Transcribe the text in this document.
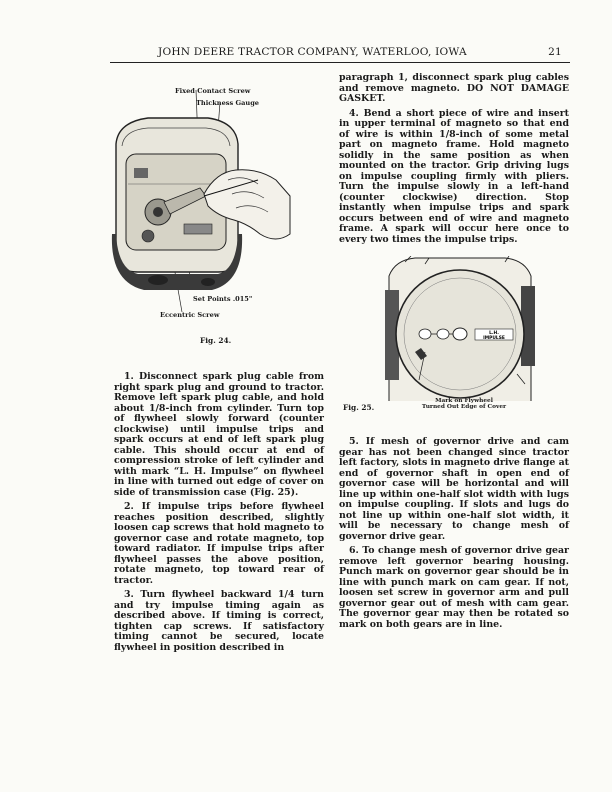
JOHN DEERE TRACTOR COMPANY, WATERLOO, IOWA	21
Fixed Contact Screw
Thickness Gauge
Set Points .015"
Eccentric Screw
Fig. 24.

1. Disconnect spark plug cable from right spark plug and ground to tractor. Remove left spark plug cable, and hold about 1/8-inch from cylinder. Turn top of flywheel slowly forward (counter clockwise) until impulse trips and spark occurs at end of left spark plug cable. This should occur at end of compression stroke of left cylinder and with mark “L. H. Impulse” on flywheel in line with turned out edge of cover on side of transmission case (Fig. 25).

2. If impulse trips before flywheel reaches position described, slightly loosen cap screws that hold magneto to governor case and rotate magneto, top toward radiator. If impulse trips after flywheel passes the above position, rotate magneto, top toward rear of tractor.

3. Turn flywheel backward 1/4 turn and try impulse timing again as described above. If timing is correct, tighten cap screws. If satisfactory timing cannot be secured, locate flywheel in position described in

paragraph 1, disconnect spark plug cables and remove magneto. DO NOT DAMAGE GASKET.

4. Bend a short piece of wire and insert in upper terminal of magneto so that end of wire is within 1/8-inch of some metal part on magneto frame. Hold magneto solidly in the same position as when mounted on the tractor. Grip driving lugs on impulse coupling firmly with pliers. Turn the impulse slowly in a left-hand (counter clockwise) direction. Stop instantly when impulse trips and spark occurs between end of wire and magneto frame. A spark will occur here once to every two times the impulse trips.

L.H.
IMPULSE
Fig. 25.
Mark on Flywheel
Turned Out Edge of Cover

5. If mesh of governor drive and cam gear has not been changed since tractor left factory, slots in magneto drive flange at end of governor shaft in open end of governor case will be horizontal and will line up within one-half slot width with lugs on impulse coupling. If slots and lugs do not line up within one-half slot width, it will be necessary to change mesh of governor drive gear.

6. To change mesh of governor drive gear remove left governor bearing housing. Punch mark on governor gear should be in line with punch mark on cam gear. If not, loosen set screw in governor arm and pull governor gear out of mesh with cam gear. The governor gear may then be rotated so mark on both gears are in line.
